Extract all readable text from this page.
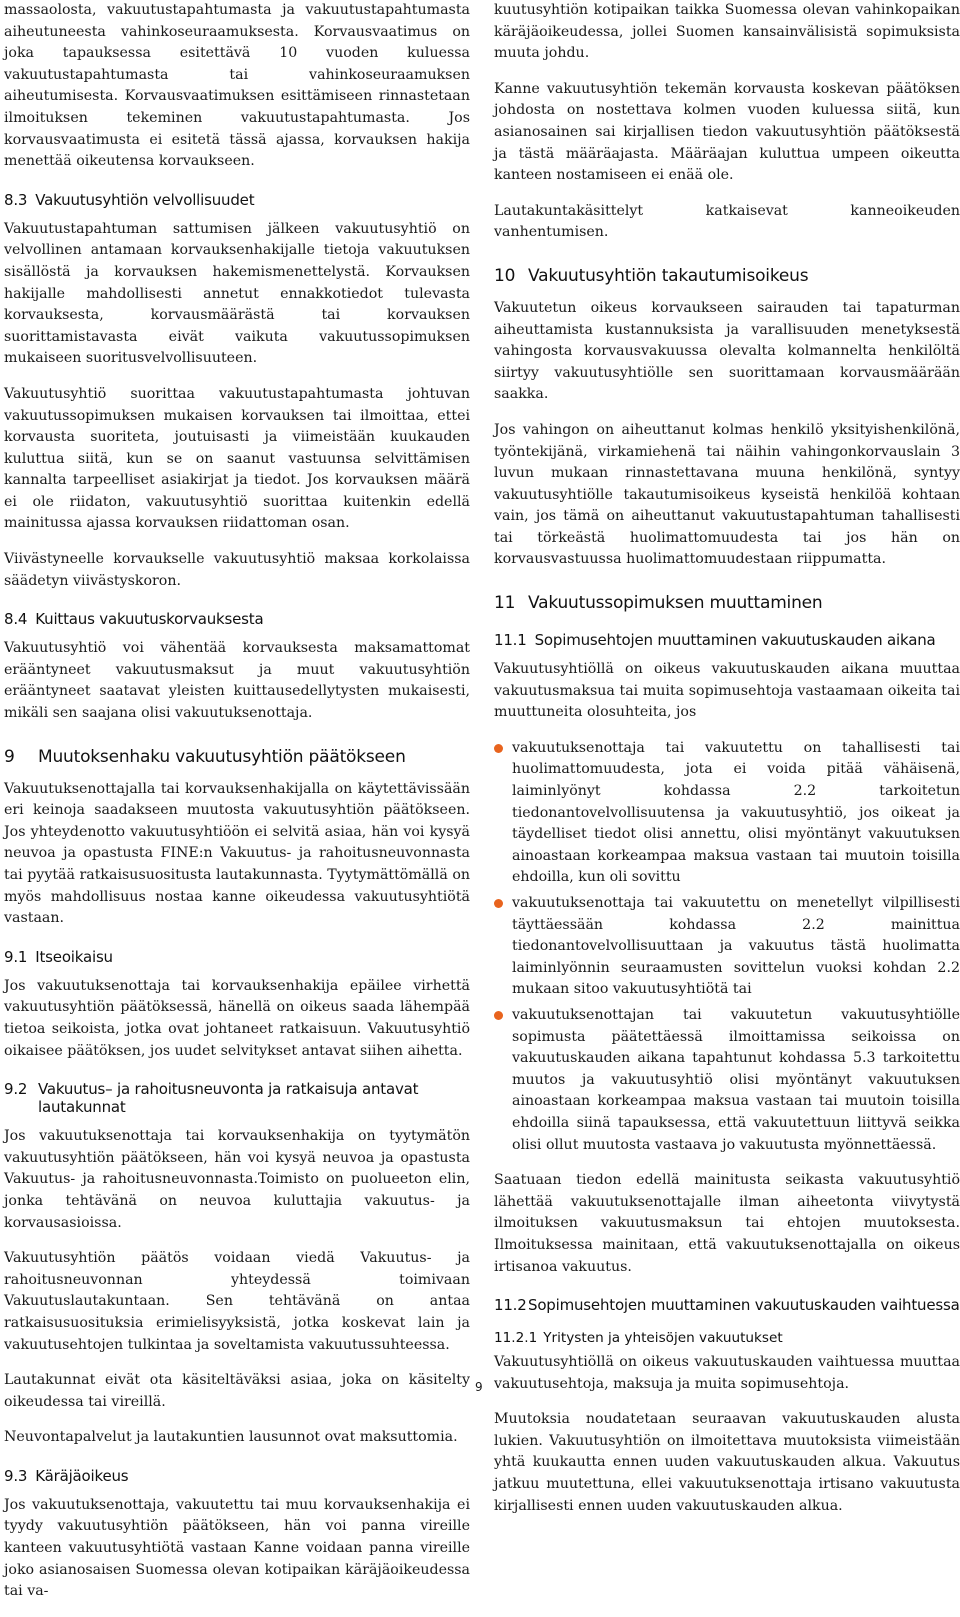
massaolosta, vakuutustapahtumasta ja vakuutustapahtumasta aiheutuneesta vahinkoseuraamuksesta. Korvausvaatimus on joka tapauksessa esitettävä 10 vuoden kuluessa vakuutustapahtumasta tai vahinkoseuraamuksen aiheutumisesta. Korvausvaatimuksen esittämiseen rinnastetaan ilmoituksen tekeminen vakuutustapahtumasta. Jos korvausvaatimusta ei esitetä tässä ajassa, korvauksen hakija menettää oikeutensa korvaukseen.

8.3 Vakuutusyhtiön velvollisuudet

Vakuutustapahtuman sattumisen jälkeen vakuutusyhtiö on velvollinen antamaan korvauksenhakijalle tietoja vakuutuksen sisällöstä ja korvauksen hakemismenettelystä. Korvauksen hakijalle mahdollisesti annetut ennakkotiedot tulevasta korvauksesta, korvausmäärästä tai korvauksen suorittamistavasta eivät vaikuta vakuutussopimuksen mukaiseen suoritusvelvollisuuteen.

Vakuutusyhtiö suorittaa vakuutustapahtumasta johtuvan vakuutussopimuksen mukaisen korvauksen tai ilmoittaa, ettei korvausta suoriteta, joutuisasti ja viimeistään kuukauden kuluttua siitä, kun se on saanut vastuunsa selvittämisen kannalta tarpeelliset asiakirjat ja tiedot. Jos korvauksen määrä ei ole riidaton, vakuutusyhtiö suorittaa kuitenkin edellä mainitussa ajassa korvauksen riidattoman osan.

Viivästyneelle korvaukselle vakuutusyhtiö maksaa korkolaissa säädetyn viivästyskoron.

8.4 Kuittaus vakuutuskorvauksesta

Vakuutusyhtiö voi vähentää korvauksesta maksamattomat erääntyneet vakuutusmaksut ja muut vakuutusyhtiön erääntyneet saatavat yleisten kuittausedellytysten mukaisesti, mikäli sen saajana olisi vakuutuksenottaja.

9 Muutoksenhaku vakuutusyhtiön päätökseen

Vakuutuksenottajalla tai korvauksenhakijalla on käytettävissään eri keinoja saadakseen muutosta vakuutusyhtiön päätökseen. Jos yhteydenotto vakuutusyhtiöön ei selvitä asiaa, hän voi kysyä neuvoa ja opastusta FINE:n Vakuutus- ja rahoitusneuvonnasta tai pyytää ratkaisusuositusta lautakunnasta. Tyytymättömällä on myös mahdollisuus nostaa kanne oikeudessa vakuutusyhtiötä vastaan.

9.1 Itseoikaisu

Jos vakuutuksenottaja tai korvauksenhakija epäilee virhettä vakuutusyhtiön päätöksessä, hänellä on oikeus saada lähempää tietoa seikoista, jotka ovat johtaneet ratkaisuun. Vakuutusyhtiö oikaisee päätöksen, jos uudet selvitykset antavat siihen aihetta.

9.2 Vakuutus– ja rahoitusneuvonta ja ratkaisuja antavat lautakunnat

Jos vakuutuksenottaja tai korvauksenhakija on tyytymätön vakuutusyhtiön päätökseen, hän voi kysyä neuvoa ja opastusta Vakuutus- ja rahoitusneuvonnasta.Toimisto on puolueeton elin, jonka tehtävänä on neuvoa kuluttajia vakuutus- ja korvausasioissa.

Vakuutusyhtiön päätös voidaan viedä Vakuutus- ja rahoitusneuvonnan yhteydessä toimivaan Vakuutuslautakuntaan. Sen tehtävänä on antaa ratkaisusuosituksia erimielisyyksistä, jotka koskevat lain ja vakuutusehtojen tulkintaa ja soveltamista vakuutussuhteessa.

Lautakunnat eivät ota käsiteltäväksi asiaa, joka on käsitelty oikeudessa tai vireillä.

Neuvontapalvelut ja lautakuntien lausunnot ovat maksuttomia.

9.3 Käräjäoikeus

Jos vakuutuksenottaja, vakuutettu tai muu korvauksenhakija ei tyydy vakuutusyhtiön päätökseen, hän voi panna vireille kanteen vakuutusyhtiötä vastaan Kanne voidaan panna vireille joko asianosaisen Suomessa olevan kotipaikan käräjäoikeudessa tai va-

kuutusyhtiön kotipaikan taikka Suomessa olevan vahinkopaikan käräjäoikeudessa, jollei Suomen kansainvälisistä sopimuksista muuta johdu.

Kanne vakuutusyhtiön tekemän korvausta koskevan päätöksen johdosta on nostettava kolmen vuoden kuluessa siitä, kun asianosainen sai kirjallisen tiedon vakuutusyhtiön päätöksestä ja tästä määräajasta. Määräajan kuluttua umpeen oikeutta kanteen nostamiseen ei enää ole.

Lautakuntakäsittelyt katkaisevat kanneoikeuden vanhentumisen.

10 Vakuutusyhtiön takautumisoikeus

Vakuutetun oikeus korvaukseen sairauden tai tapaturman aiheuttamista kustannuksista ja varallisuuden menetyksestä vahingosta korvausvakuussa olevalta kolmannelta henkilöltä siirtyy vakuutusyhtiölle sen suorittamaan korvausmäärään saakka.

Jos vahingon on aiheuttanut kolmas henkilö yksityishenkilönä, työntekijänä, virkamiehenä tai näihin vahingonkorvauslain 3 luvun mukaan rinnastettavana muuna henkilönä, syntyy vakuutusyhtiölle takautumisoikeus kyseistä henkilöä kohtaan vain, jos tämä on aiheuttanut vakuutustapahtuman tahallisesti tai törkeästä huolimattomuudesta tai jos hän on korvausvastuussa huolimattomuudestaan riippumatta.

11 Vakuutussopimuksen muuttaminen
11.1 Sopimusehtojen muuttaminen vakuutuskauden aikana

Vakuutusyhtiöllä on oikeus vakuutuskauden aikana muuttaa vakuutusmaksua tai muita sopimusehtoja vastaamaan oikeita tai muuttuneita olosuhteita, jos

vakuutuksenottaja tai vakuutettu on tahallisesti tai huolimattomuudesta, jota ei voida pitää vähäisenä, laiminlyönyt kohdassa 2.2 tarkoitetun tiedonantovelvollisuutensa ja vakuutusyhtiö, jos oikeat ja täydelliset tiedot olisi annettu, olisi myöntänyt vakuutuksen ainoastaan korkeampaa maksua vastaan tai muutoin toisilla ehdoilla, kun oli sovittu
vakuutuksenottaja tai vakuutettu on menetellyt vilpillisesti täyttäessään kohdassa 2.2 mainittua tiedonantovelvollisuuttaan ja vakuutus tästä huolimatta laiminlyönnin seuraamusten sovittelun vuoksi kohdan 2.2 mukaan sitoo vakuutusyhtiötä tai
vakuutuksenottajan tai vakuutetun vakuutusyhtiölle sopimusta päätettäessä ilmoittamissa seikoissa on vakuutuskauden aikana tapahtunut kohdassa 5.3 tarkoitettu muutos ja vakuutusyhtiö olisi myöntänyt vakuutuksen ainoastaan korkeampaa maksua vastaan tai muutoin toisilla ehdoilla siinä tapauksessa, että vakuutettuun liittyvä seikka olisi ollut muutosta vastaava jo vakuutusta myönnettäessä.

Saatuaan tiedon edellä mainitusta seikasta vakuutusyhtiö lähettää vakuutuksenottajalle ilman aiheetonta viivytystä ilmoituksen vakuutusmaksun tai ehtojen muutoksesta. Ilmoituksessa mainitaan, että vakuutuksenottajalla on oikeus irtisanoa vakuutus.

11.2 Sopimusehtojen muuttaminen vakuutuskauden vaihtuessa
11.2.1 Yritysten ja yhteisöjen vakuutukset

Vakuutusyhtiöllä on oikeus vakuutuskauden vaihtuessa muuttaa vakuutusehtoja, maksuja ja muita sopimusehtoja.

Muutoksia noudatetaan seuraavan vakuutuskauden alusta lukien. Vakuutusyhtiön on ilmoitettava muutoksista viimeistään yhtä kuukautta ennen uuden vakuutuskauden alkua. Vakuutus jatkuu muutettuna, ellei vakuutuksenottaja irtisano vakuutusta kirjallisesti ennen uuden vakuutuskauden alkua.

9
